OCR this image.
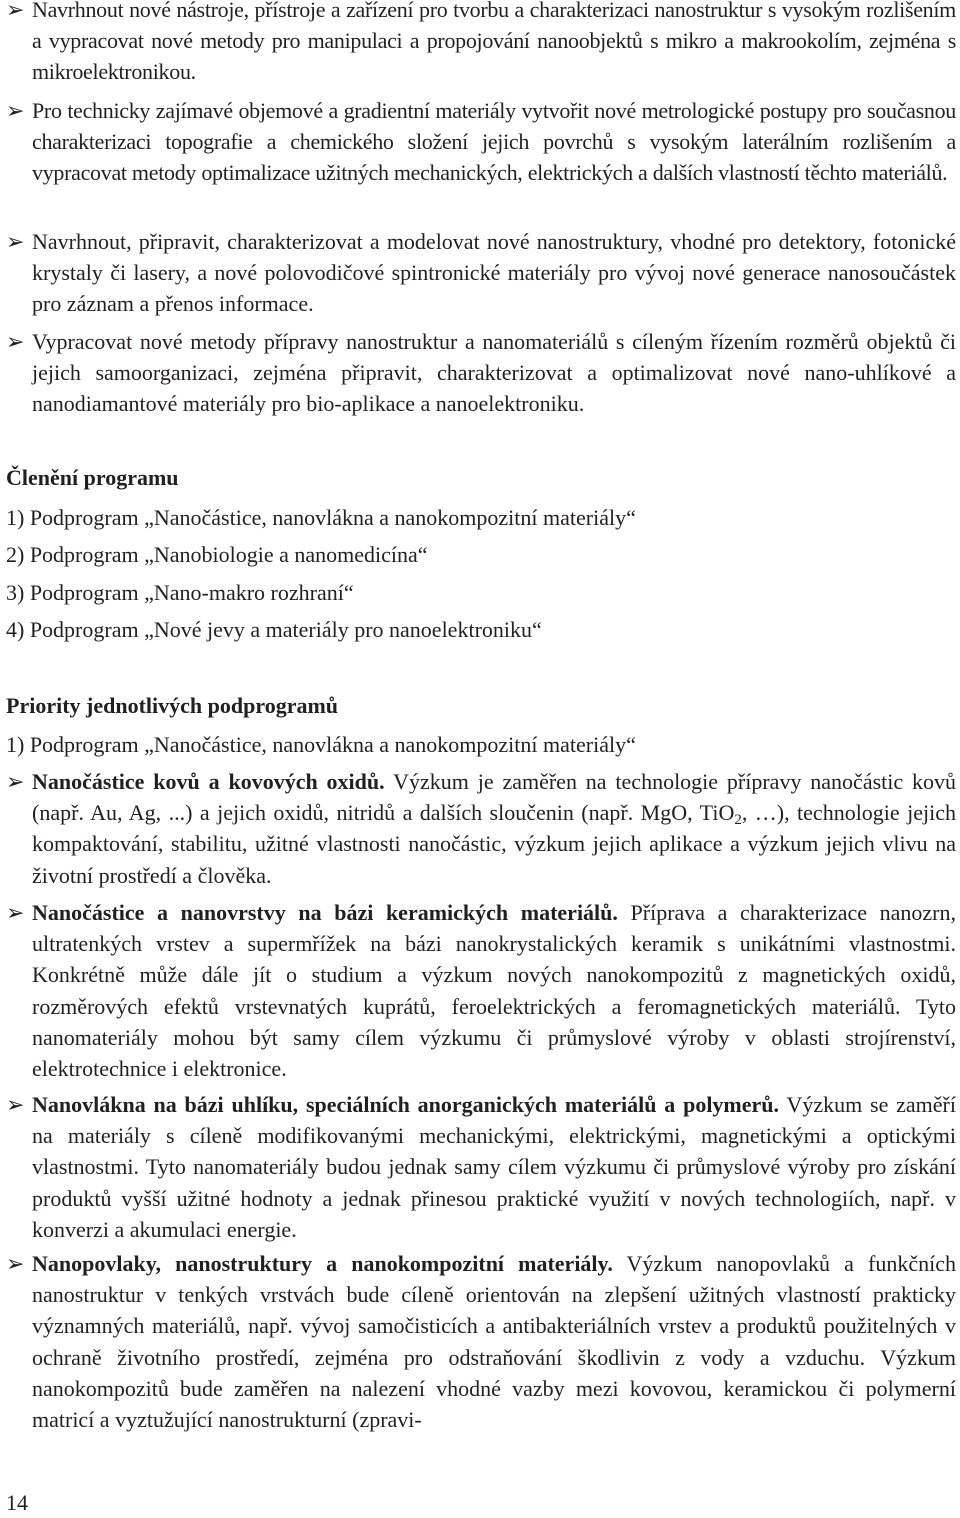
➢ Navrhnout nové nástroje, přístroje a zařízení pro tvorbu a charakterizaci nanostruktur s vysokým rozlišením a vypracovat nové metody pro manipulaci a propojování nanoobjektů s mikro a makrookolím, zejména s mikroelektronikou.
➢ Pro technicky zajímavé objemové a gradientní materiály vytvořit nové metrologické postupy pro současnou charakterizaci topografie a chemického složení jejich povrchů s vysokým laterálním rozlišením a vypracovat metody optimalizace užitných mechanických, elektrických a dalších vlastností těchto materiálů.
➢ Navrhnout, připravit, charakterizovat a modelovat nové nanostruktury, vhodné pro detektory, fotonické krystaly či lasery, a nové polovodičové spintronické materiály pro vývoj nové generace nanosoučástek pro záznam a přenos informace.
➢ Vypracovat nové metody přípravy nanostruktur a nanomateriálů s cíleným řízením rozměrů objektů či jejich samoorganizaci, zejména připravit, charakterizovat a optimalizovat nové nano-uhlíkové a nanodiamantové materiály pro bio-aplikace a nanoelektroniku.
Členění programu
1) Podprogram „Nanočástice, nanovlákna a nanokompozitní materiály“
2) Podprogram „Nanobiologie a nanomedicína“
3) Podprogram „Nano-makro rozhraní“
4) Podprogram „Nové jevy a materiály pro nanoelektroniku“
Priority jednotlivých podprogramů
1) Podprogram „Nanočástice, nanovlákna a nanokompozitní materiály“
➢ Nanočástice kovů a kovových oxidů. Výzkum je zaměřen na technologie přípravy nanočástic kovů (např. Au, Ag, ...) a jejich oxidů, nitridů a dalších sloučenin (např. MgO, TiO$_2$, …), technologie jejich kompaktování, stabilitu, užitné vlastnosti nanočástic, výzkum jejich aplikace a výzkum jejich vlivu na životní prostředí a člověka.
➢ Nanočástice a nanovrstvy na bázi keramických materiálů. Příprava a charakterizace nanozrn, ultratenkých vrstev a supermřížek na bázi nanokrystalických keramik s unikátními vlastnostmi. Konkrétně může dále jít o studium a výzkum nových nanokompozitů z magnetických oxidů, rozměrových efektů vrstevnatých kuprátů, feroelektrických a feromagnetických materiálů. Tyto nanomateriály mohou být samy cílem výzkumu či průmyslové výroby v oblasti strojírenství, elektrotechnice i elektronice.
➢ Nanovlákna na bázi uhlíku, speciálních anorganických materiálů a polymerů. Výzkum se zaměří na materiály s cíleně modifikovanými mechanickými, elektrickými, magnetickými a optickými vlastnostmi. Tyto nanomateriály budou jednak samy cílem výzkumu či průmyslové výroby pro získání produktů vyšší užitné hodnoty a jednak přinesou praktické využití v nových technologiích, např. v konverzi a akumulaci energie.
➢ Nanopovlaky, nanostruktury a nanokompozitní materiály. Výzkum nanopovlaků a funkčních nanostruktur v tenkých vrstvách bude cíleně orientován na zlepšení užitných vlastností prakticky významných materiálů, např. vývoj samočisticích a antibakteriálních vrstev a produktů použitelných v ochraně životního prostředí, zejména pro odstraňování škodlivin z vody a vzduchu. Výzkum nanokompozitů bude zaměřen na nalezení vhodné vazby mezi kovovou, keramickou či polymerní matricí a vyztužující nanostrukturní (zpravi-
14
